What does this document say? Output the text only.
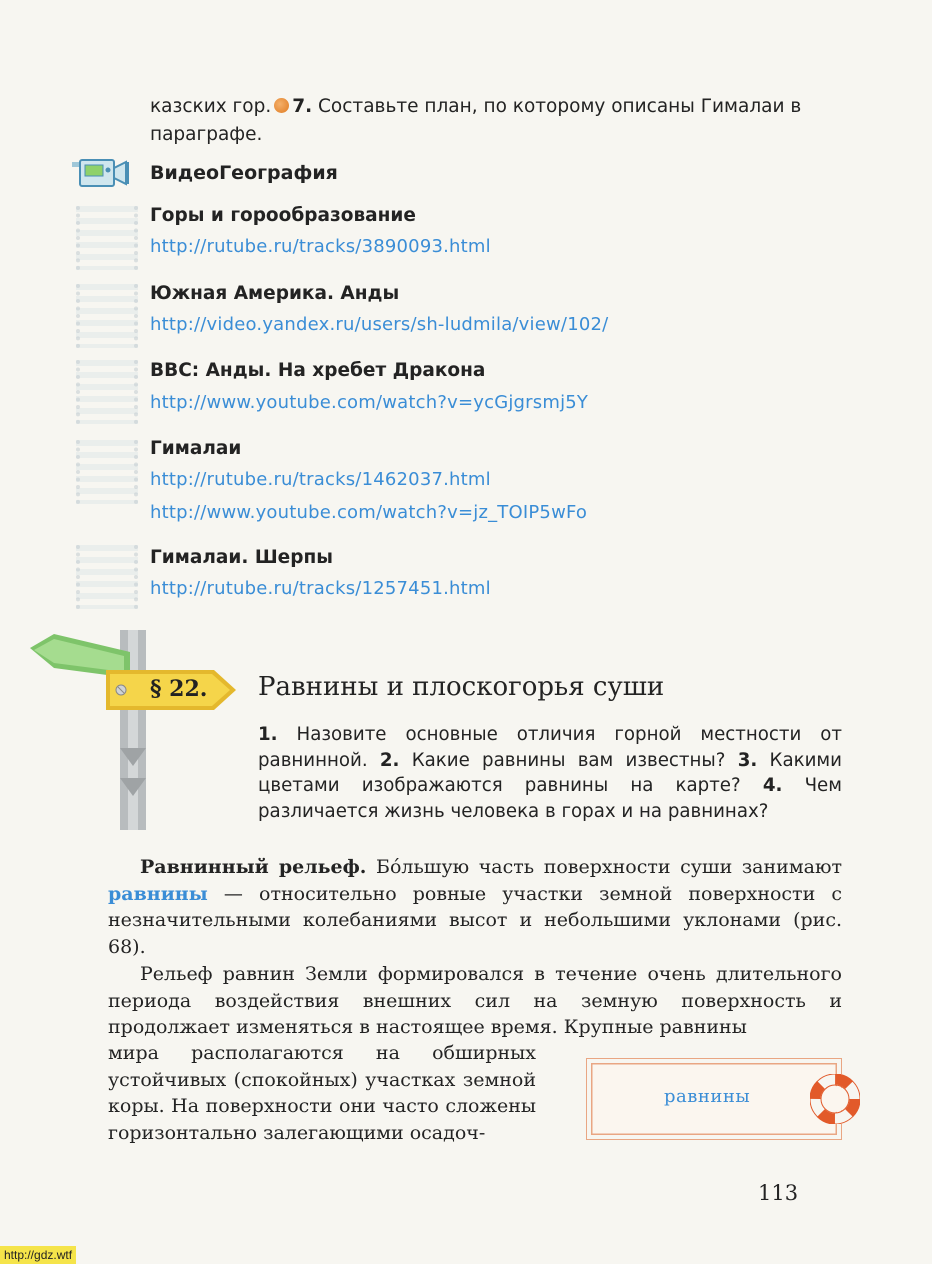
казских гор. 7. Составьте план, по которому описаны Гималаи в
параграфе.
ВидеоГеография
Горы и горообразование
http://rutube.ru/tracks/3890093.html
Южная Америка. Анды
http://video.yandex.ru/users/sh-ludmila/view/102/
BBC: Анды. На хребет Дракона
http://www.youtube.com/watch?v=ycGjgrsmj5Y
Гималаи
http://rutube.ru/tracks/1462037.html
http://www.youtube.com/watch?v=jz_TOIP5wFo
Гималаи. Шерпы
http://rutube.ru/tracks/1257451.html
§ 22. Равнины и плоскогорья суши
1. Назовите основные отличия горной местности от равнинной. 2. Какие равнины вам известны? 3. Какими цветами изображаются равнины на карте? 4. Чем различается жизнь человека в горах и на равнинах?
Равнинный рельеф. Бóльшую часть поверхности суши занимают равнины — относительно ровные участки земной поверхности с незначительными колебаниями высот и небольшими уклонами (рис. 68).
Рельеф равнин Земли формировался в течение очень длительного периода воздействия внешних сил на земную поверхность и продолжает изменяться в настоящее время. Крупные равнины
мира располагаются на обширных устойчивых (спокойных) участках земной коры. На поверхности они часто сложены горизонтально залегающими осадоч-
равнины
113
http://gdz.wtf
